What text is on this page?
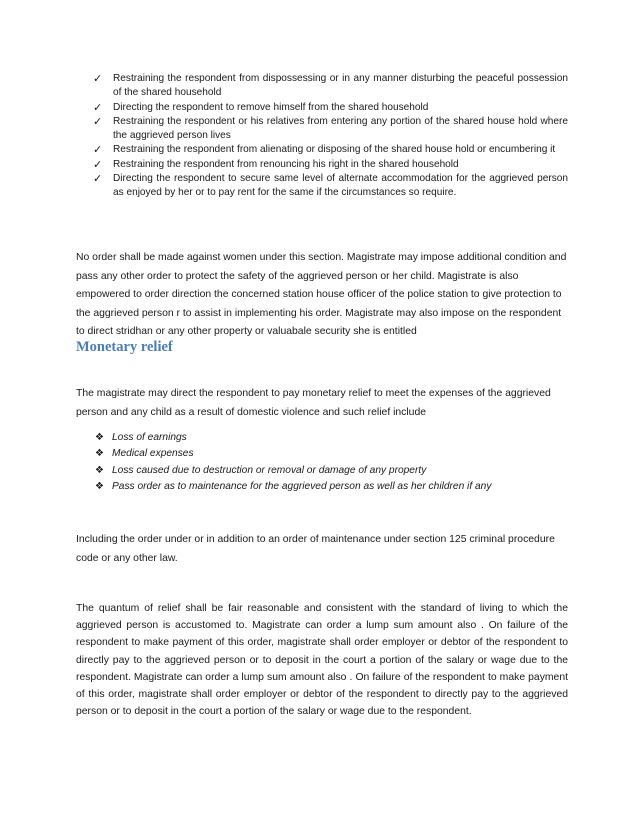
✓ Restraining the respondent from dispossessing or in any manner disturbing the peaceful possession of the shared household
✓ Directing the respondent to remove himself from the shared household
✓ Restraining the respondent or his relatives from entering any portion of the shared house hold where the aggrieved person lives
✓ Restraining the respondent from alienating or disposing of the shared house hold or encumbering it
✓ Restraining the respondent from renouncing his right in the shared household
✓ Directing the respondent to secure same level of alternate accommodation for the aggrieved person as enjoyed by her or to pay rent for the same if the circumstances so require.

No order shall be made against women under this section. Magistrate may impose additional condition and pass any other order to protect the safety of the aggrieved person or her child. Magistrate is also empowered to order direction the concerned station house officer of the police station to give protection to the aggrieved person r to assist in implementing his order. Magistrate may also impose on the respondent to direct stridhan or any other property or valuabale security she is entitled

Monetary relief

The magistrate may direct the respondent to pay monetary relief to meet the expenses of the aggrieved person and any child as a result of domestic violence and such relief include

❖ Loss of earnings
❖ Medical expenses
❖ Loss caused due to destruction or removal or damage of any property
❖ Pass order as to maintenance for the aggrieved person as well as her children if any

Including the order under or in addition to an order of maintenance under section 125 criminal procedure code or any other law.

The quantum of relief shall be fair reasonable and consistent with the standard of living to which the aggrieved person is accustomed to. Magistrate can order a lump sum amount also . On failure of the respondent to make payment of this order, magistrate shall order employer or debtor of the respondent to directly pay to the aggrieved person or to deposit in the court a portion of the salary or wage due to the respondent. Magistrate can order a lump sum amount also . On failure of the respondent to make payment of this order, magistrate shall order employer or debtor of the respondent to directly pay to the aggrieved person or to deposit in the court a portion of the salary or wage due to the respondent.
